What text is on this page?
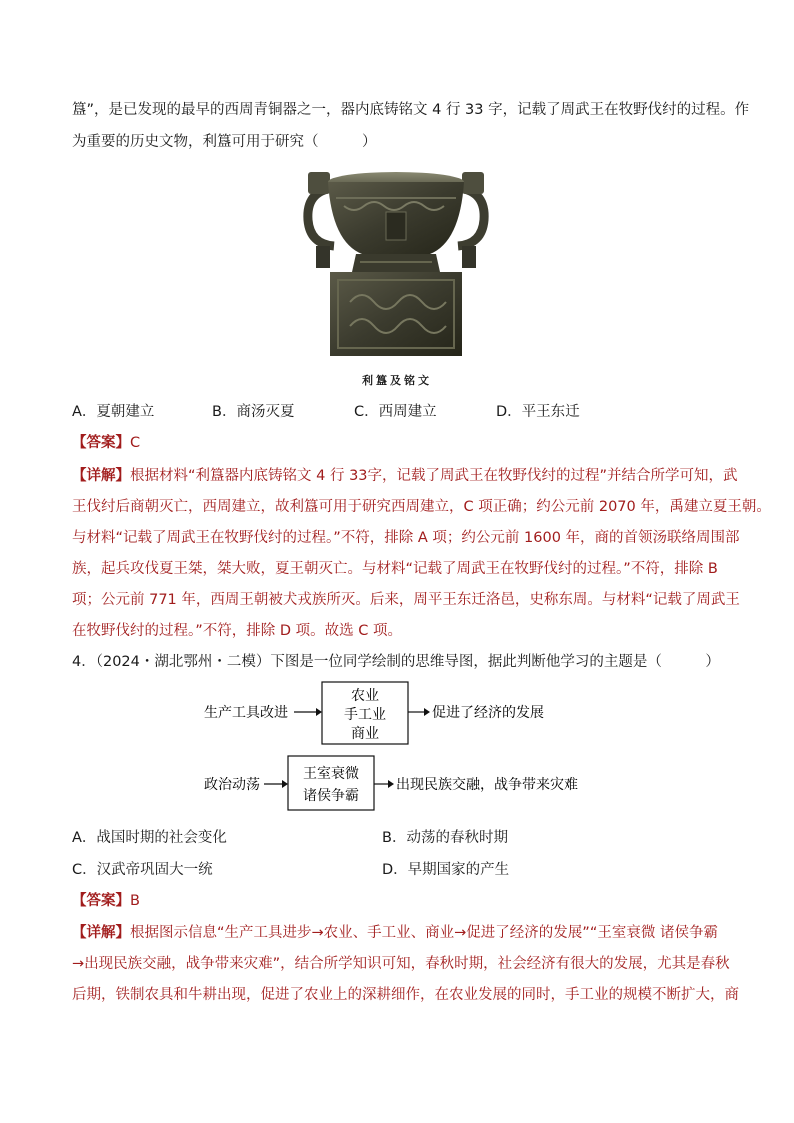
簋”，是已发现的最早的西周青铜器之一，器内底铸铭文 4 行 33 字，记载了周武王在牧野伐纣的过程。作
为重要的历史文物，利簋可用于研究（　　　）
利簋及铭文
A．夏朝建立	B．商汤灭夏	C．西周建立	D．平王东迁
【答案】C
【详解】根据材料“利簋器内底铸铭文 4 行 33字，记载了周武王在牧野伐纣的过程”并结合所学可知，武
王伐纣后商朝灭亡，西周建立，故利簋可用于研究西周建立，C 项正确；约公元前 2070 年，禹建立夏王朝。
与材料“记载了周武王在牧野伐纣的过程。”不符，排除 A 项；约公元前 1600 年，商的首领汤联络周围部
族，起兵攻伐夏王桀，桀大败，夏王朝灭亡。与材料“记载了周武王在牧野伐纣的过程。”不符，排除 B
项；公元前 771 年，西周王朝被犬戎族所灭。后来，周平王东迁洛邑，史称东周。与材料“记载了周武王
在牧野伐纣的过程。”不符，排除 D 项。故选 C 项。
4．（2024・湖北鄂州・二模）下图是一位同学绘制的思维导图，据此判断他学习的主题是（　　　）
生产工具改进
农业
手工业
商业
促进了经济的发展
政治动荡
王室衰微
诸侯争霸
出现民族交融，战争带来灾难
A．战国时期的社会变化	B．动荡的春秋时期
C．汉武帝巩固大一统	D．早期国家的产生
【答案】B
【详解】根据图示信息“生产工具进步→农业、手工业、商业→促进了经济的发展”“王室衰微 诸侯争霸
→出现民族交融，战争带来灾难”，结合所学知识可知，春秋时期，社会经济有很大的发展，尤其是春秋
后期，铁制农具和牛耕出现，促进了农业上的深耕细作，在农业发展的同时，手工业的规模不断扩大，商
